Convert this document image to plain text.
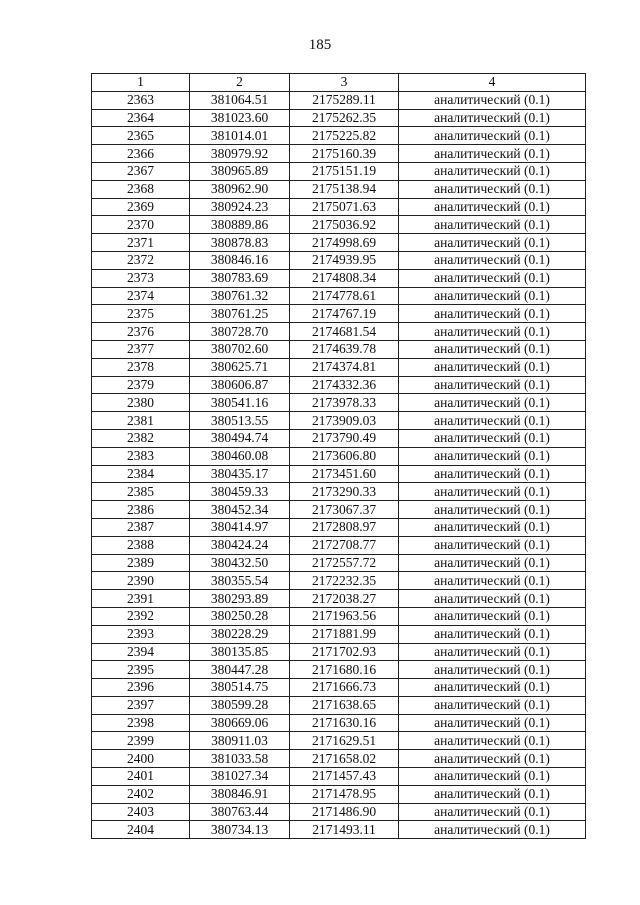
185
1	2	3	4
2363	381064.51	2175289.11	аналитический (0.1)
2364	381023.60	2175262.35	аналитический (0.1)
2365	381014.01	2175225.82	аналитический (0.1)
2366	380979.92	2175160.39	аналитический (0.1)
2367	380965.89	2175151.19	аналитический (0.1)
2368	380962.90	2175138.94	аналитический (0.1)
2369	380924.23	2175071.63	аналитический (0.1)
2370	380889.86	2175036.92	аналитический (0.1)
2371	380878.83	2174998.69	аналитический (0.1)
2372	380846.16	2174939.95	аналитический (0.1)
2373	380783.69	2174808.34	аналитический (0.1)
2374	380761.32	2174778.61	аналитический (0.1)
2375	380761.25	2174767.19	аналитический (0.1)
2376	380728.70	2174681.54	аналитический (0.1)
2377	380702.60	2174639.78	аналитический (0.1)
2378	380625.71	2174374.81	аналитический (0.1)
2379	380606.87	2174332.36	аналитический (0.1)
2380	380541.16	2173978.33	аналитический (0.1)
2381	380513.55	2173909.03	аналитический (0.1)
2382	380494.74	2173790.49	аналитический (0.1)
2383	380460.08	2173606.80	аналитический (0.1)
2384	380435.17	2173451.60	аналитический (0.1)
2385	380459.33	2173290.33	аналитический (0.1)
2386	380452.34	2173067.37	аналитический (0.1)
2387	380414.97	2172808.97	аналитический (0.1)
2388	380424.24	2172708.77	аналитический (0.1)
2389	380432.50	2172557.72	аналитический (0.1)
2390	380355.54	2172232.35	аналитический (0.1)
2391	380293.89	2172038.27	аналитический (0.1)
2392	380250.28	2171963.56	аналитический (0.1)
2393	380228.29	2171881.99	аналитический (0.1)
2394	380135.85	2171702.93	аналитический (0.1)
2395	380447.28	2171680.16	аналитический (0.1)
2396	380514.75	2171666.73	аналитический (0.1)
2397	380599.28	2171638.65	аналитический (0.1)
2398	380669.06	2171630.16	аналитический (0.1)
2399	380911.03	2171629.51	аналитический (0.1)
2400	381033.58	2171658.02	аналитический (0.1)
2401	381027.34	2171457.43	аналитический (0.1)
2402	380846.91	2171478.95	аналитический (0.1)
2403	380763.44	2171486.90	аналитический (0.1)
2404	380734.13	2171493.11	аналитический (0.1)
